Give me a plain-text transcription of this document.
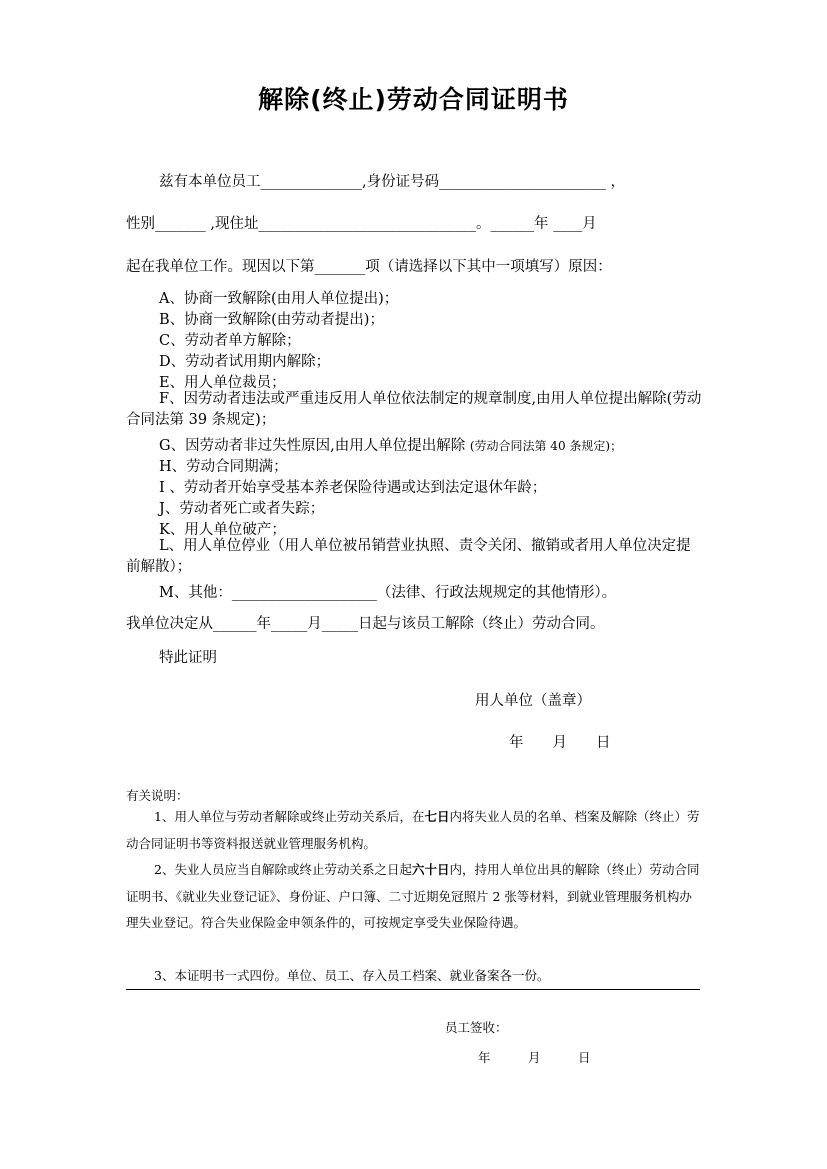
解除(终止)劳动合同证明书
兹有本单位员工______________,身份证号码_______________________ ，
性别_______ ,现住址______________________________。______年 ____月
起在我单位工作。现因以下第_______项（请选择以下其中一项填写）原因：
A、协商一致解除(由用人单位提出)；
B、协商一致解除(由劳动者提出)；
C、劳动者单方解除；
D、劳动者试用期内解除；
E、用人单位裁员；
F、因劳动者违法或严重违反用人单位依法制定的规章制度,由用人单位提出解除(劳动合同法第 39 条规定)；
G、因劳动者非过失性原因,由用人单位提出解除 (劳动合同法第 40 条规定)；
H、劳动合同期满；
I 、劳动者开始享受基本养老保险待遇或达到法定退休年龄；
J、劳动者死亡或者失踪；
K、用人单位破产；
L、用人单位停业（用人单位被吊销营业执照、责令关闭、撤销或者用人单位决定提前解散）；
M、其他：____________________（法律、行政法规规定的其他情形）。
我单位决定从______年_____月_____日起与该员工解除（终止）劳动合同。
特此证明
用人单位（盖章）
年　　月　　日
有关说明：
1、用人单位与劳动者解除或终止劳动关系后，在七日内将失业人员的名单、档案及解除（终止）劳动合同证明书等资料报送就业管理服务机构。
2、失业人员应当自解除或终止劳动关系之日起六十日内，持用人单位出具的解除（终止）劳动合同证明书、《就业失业登记证》、身份证、户口簿、二寸近期免冠照片 2 张等材料，到就业管理服务机构办理失业登记。符合失业保险金申领条件的，可按规定享受失业保险待遇。
3、本证明书一式四份。单位、员工、存入员工档案、就业备案各一份。
员工签收：
年　　　月　　　日
